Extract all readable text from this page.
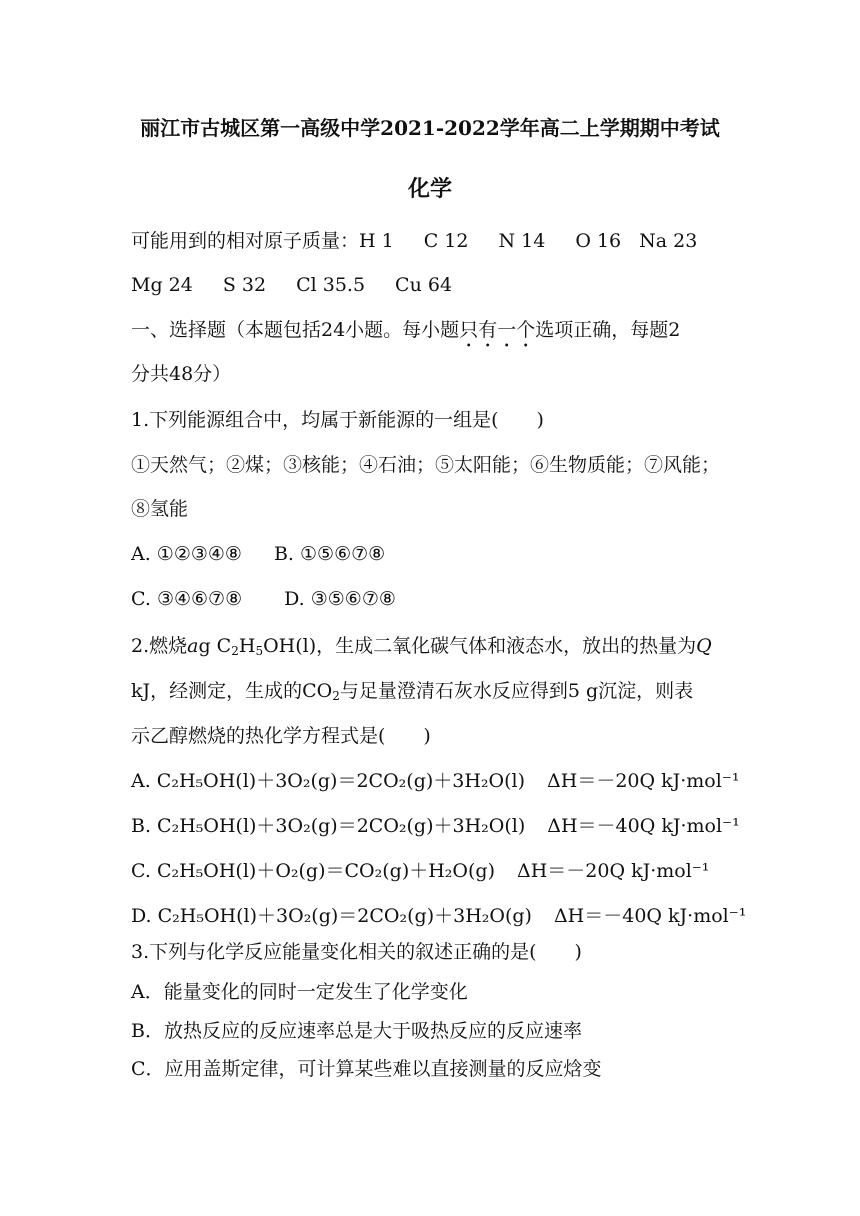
丽江市古城区第一高级中学2021-2022学年高二上学期期中考试
化学
可能用到的相对原子质量：H 1 C 12 N 14 O 16 Na 23
Mg 24 S 32 Cl 35.5 Cu 64
一、选择题（本题包括24小题。每小题只有一个选项正确，每题2
分共48分）
1.下列能源组合中，均属于新能源的一组是(　　)
①天然气；②煤；③核能；④石油；⑤太阳能；⑥生物质能；⑦风能；
⑧氢能
A. ①②③④⑧ B. ①⑤⑥⑦⑧
C. ③④⑥⑦⑧ D. ③⑤⑥⑦⑧
2.燃烧ag $C_2H_5OH(l)$，生成二氧化碳气体和液态水，放出的热量为Q
kJ，经测定，生成的$CO_2$与足量澄清石灰水反应得到5 g沉淀，则表
示乙醇燃烧的热化学方程式是(　　)
A. C₂H₅OH(l)＋3O₂(g)＝2CO₂(g)＋3H₂O(l) ΔH＝－20Q kJ·mol⁻¹
B. C₂H₅OH(l)＋3O₂(g)＝2CO₂(g)＋3H₂O(l) ΔH＝－40Q kJ·mol⁻¹
C. C₂H₅OH(l)＋O₂(g)＝CO₂(g)＋H₂O(g) ΔH＝－20Q kJ·mol⁻¹
D. C₂H₅OH(l)＋3O₂(g)＝2CO₂(g)＋3H₂O(g) ΔH＝－40Q kJ·mol⁻¹
3.下列与化学反应能量变化相关的叙述正确的是(　　)
A．能量变化的同时一定发生了化学变化
B．放热反应的反应速率总是大于吸热反应的反应速率
C．应用盖斯定律，可计算某些难以直接测量的反应焓变
